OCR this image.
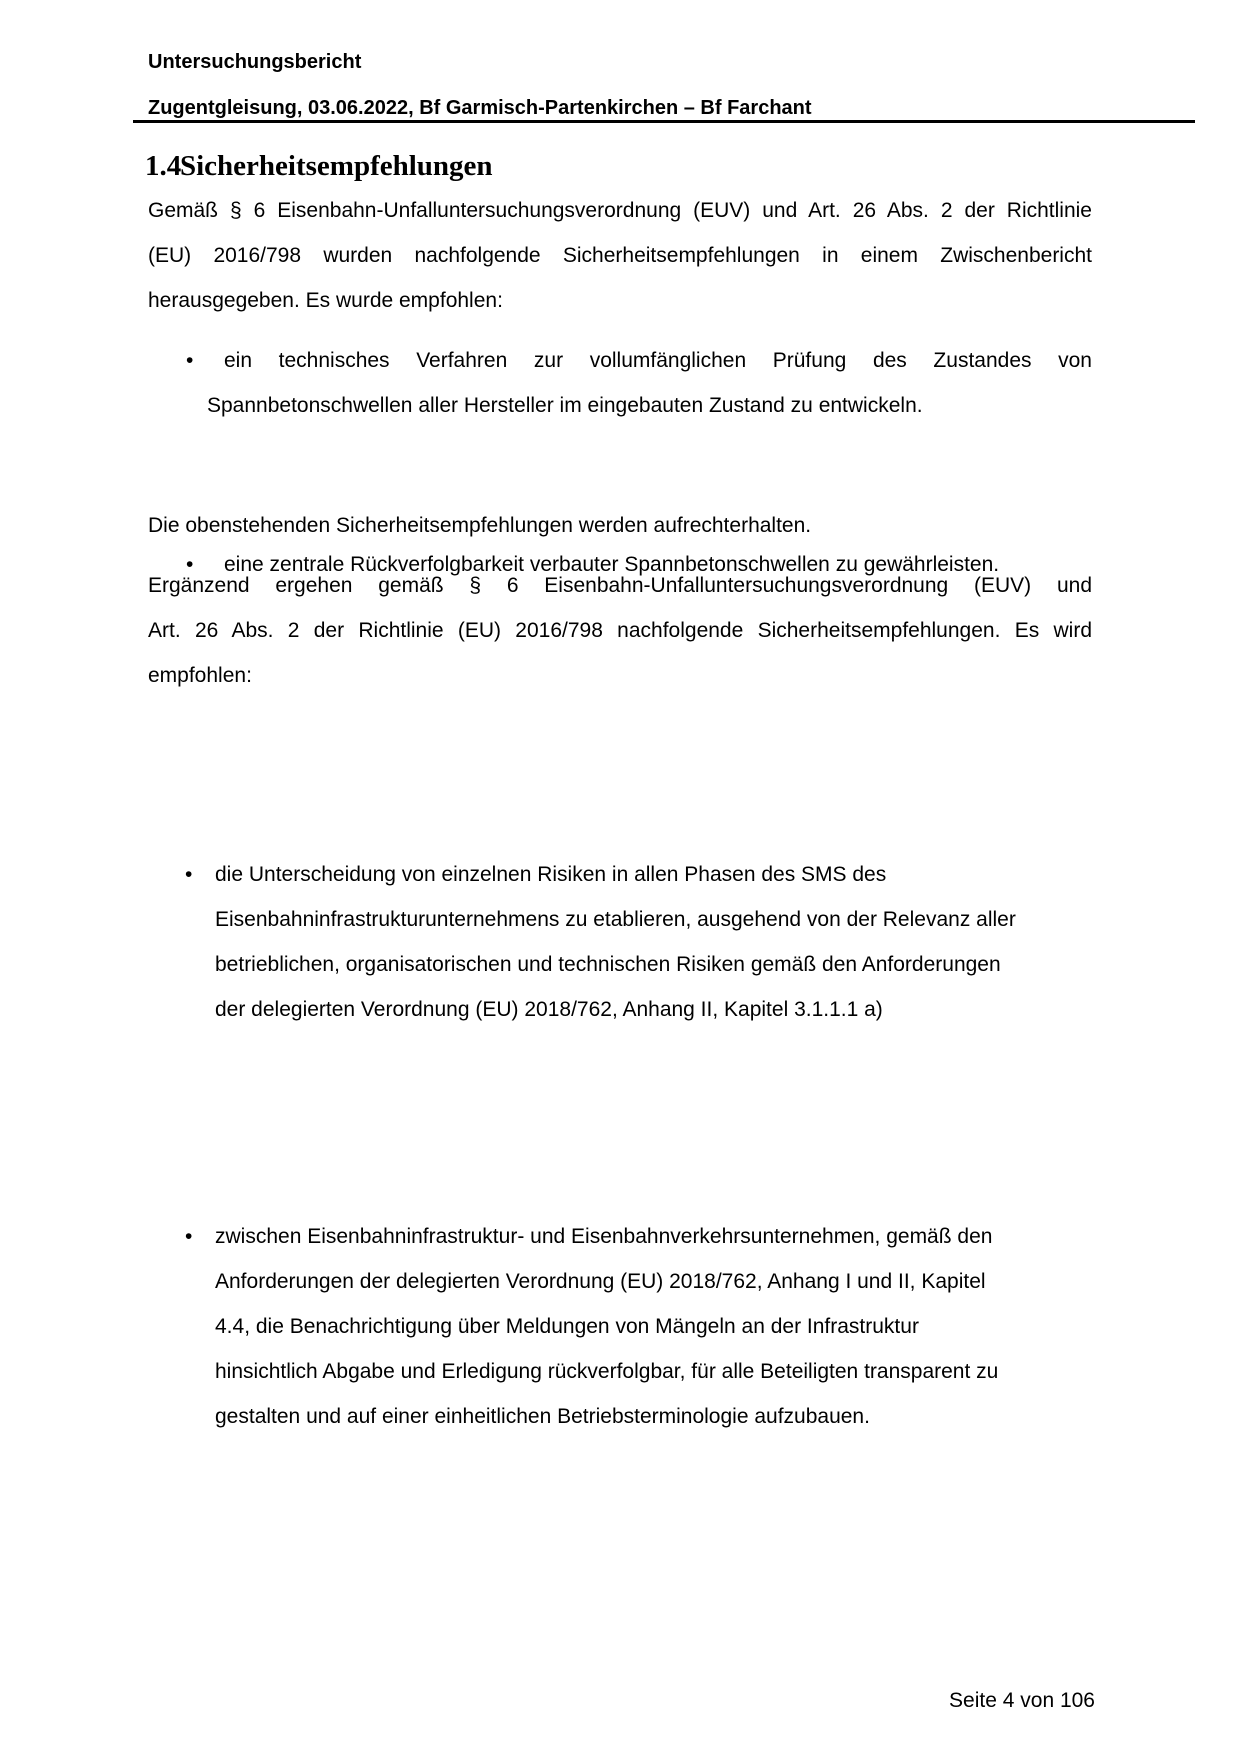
Untersuchungsbericht
Zugentgleisung, 03.06.2022, Bf Garmisch-Partenkirchen – Bf Farchant
1.4Sicherheitsempfehlungen
Gemäß § 6 Eisenbahn-Unfalluntersuchungsverordnung (EUV) und Art. 26 Abs. 2 der Richtlinie
(EU) 2016/798 wurden nachfolgende Sicherheitsempfehlungen in einem Zwischenbericht
herausgegeben. Es wurde empfohlen:
• ein technisches Verfahren zur vollumfänglichen Prüfung des Zustandes von
Spannbetonschwellen aller Hersteller im eingebauten Zustand zu entwickeln.
• eine zentrale Rückverfolgbarkeit verbauter Spannbetonschwellen zu gewährleisten.
Die obenstehenden Sicherheitsempfehlungen werden aufrechterhalten.
Ergänzend ergehen gemäß § 6 Eisenbahn-Unfalluntersuchungsverordnung (EUV) und
Art. 26 Abs. 2 der Richtlinie (EU) 2016/798 nachfolgende Sicherheitsempfehlungen. Es wird
empfohlen:
• die Unterscheidung von einzelnen Risiken in allen Phasen des SMS des
Eisenbahninfrastrukturunternehmens zu etablieren, ausgehend von der Relevanz aller
betrieblichen, organisatorischen und technischen Risiken gemäß den Anforderungen
der delegierten Verordnung (EU) 2018/762, Anhang II, Kapitel 3.1.1.1 a)
• zwischen Eisenbahninfrastruktur- und Eisenbahnverkehrsunternehmen, gemäß den
Anforderungen der delegierten Verordnung (EU) 2018/762, Anhang I und II, Kapitel
4.4, die Benachrichtigung über Meldungen von Mängeln an der Infrastruktur
hinsichtlich Abgabe und Erledigung rückverfolgbar, für alle Beteiligten transparent zu
gestalten und auf einer einheitlichen Betriebsterminologie aufzubauen.
Seite 4 von 106
